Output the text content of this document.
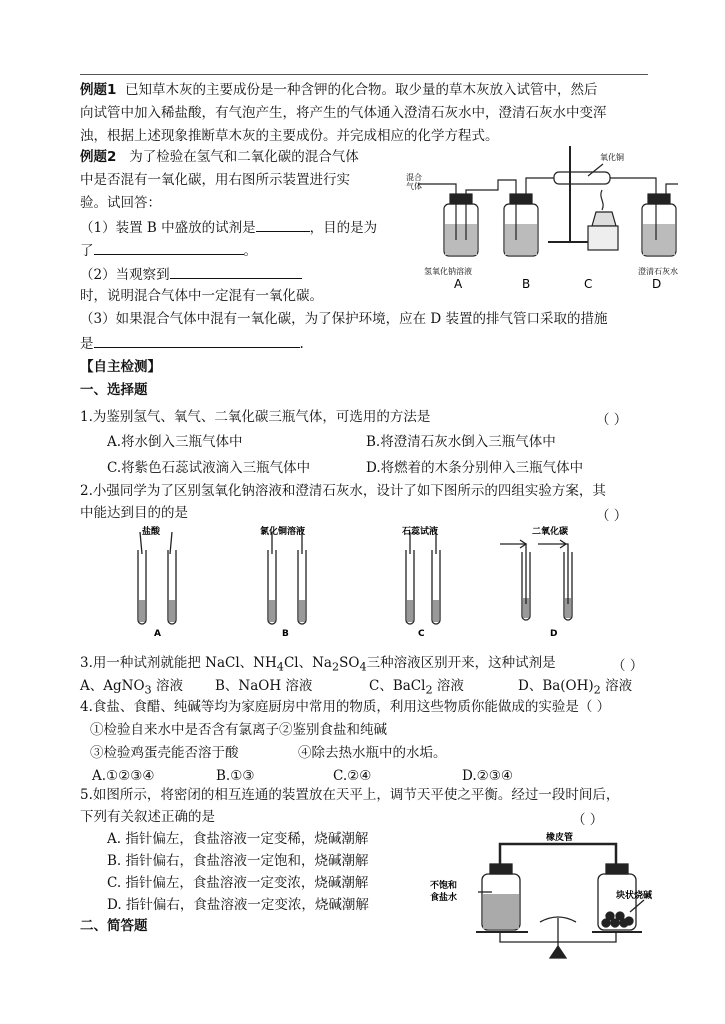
例题1 已知草木灰的主要成份是一种含钾的化合物。取少量的草木灰放入试管中，然后
向试管中加入稀盐酸，有气泡产生，将产生的气体通入澄清石灰水中，澄清石灰水中变浑
浊，根据上述现象推断草木灰的主要成份。并完成相应的化学方程式。
例题2 为了检验在氢气和二氧化碳的混合气体
中是否混有一氧化碳，用右图所示装置进行实
验。试回答：
（1）装置 B 中盛放的试剂是	，目的是为
了	。
（2）当观察到
时，说明混合气体中一定混有一氧化碳。
（3）如果混合气体中混有一氧化碳，为了保护环境，应在 D 装置的排气管口采取的措施
是	.
混合气体
氧化铜
氢氧化钠溶液	澄清石灰水
A	B	C	D
【自主检测】
一、选择题
1.为鉴别氢气、氧气、二氧化碳三瓶气体，可选用的方法是	（ ）
A.将水倒入三瓶气体中	B.将澄清石灰水倒入三瓶气体中
C.将紫色石蕊试液滴入三瓶气体中	D.将燃着的木条分别伸入三瓶气体中
2.小强同学为了区别氢氧化钠溶液和澄清石灰水，设计了如下图所示的四组实验方案，其
中能达到目的的是	（ ）
盐酸	氯化铜溶液	石蕊试液	二氧化碳
A	B	C	D
3.用一种试剂就能把 NaCl、$NH_4Cl$、$Na_2SO_4$三种溶液区别开来，这种试剂是	（ ）
A、AgNO$_3$ 溶液 B、NaOH 溶液	C、BaCl$_2$ 溶液	D、$Ba(OH)_2$ 溶液
4.食盐、食醋、纯碱等均为家庭厨房中常用的物质，利用这些物质你能做成的实验是（ ）
①检验自来水中是否含有氯离子②鉴别食盐和纯碱
③检验鸡蛋壳能否溶于酸	④除去热水瓶中的水垢。
A.①②③④	B.①③	C.②④	D.②③④
5.如图所示，将密闭的相互连通的装置放在天平上，调节天平使之平衡。经过一段时间后，
下列有关叙述正确的是	（ ）
A. 指针偏左，食盐溶液一定变稀，烧碱潮解
B. 指针偏右，食盐溶液一定饱和，烧碱潮解
C. 指针偏左，食盐溶液一定变浓，烧碱潮解
D. 指针偏右，食盐溶液一定变浓，烧碱潮解
橡皮管
不饱和
食盐水	块状烧碱
二、简答题
